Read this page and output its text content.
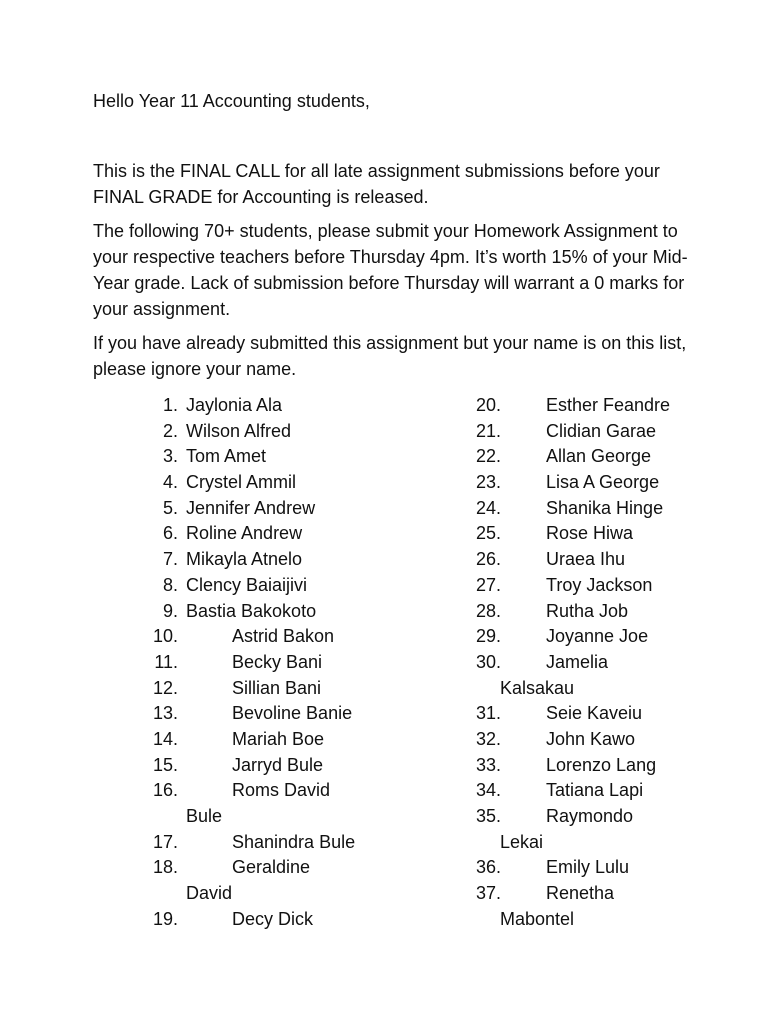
Hello Year 11 Accounting students,

This is the FINAL CALL for all late assignment submissions before your FINAL GRADE for Accounting is released.

The following 70+ students, please submit your Homework Assignment to your respective teachers before Thursday 4pm. It’s worth 15% of your Mid-Year grade. Lack of submission before Thursday will warrant a 0 marks for your assignment.

If you have already submitted this assignment but your name is on this list, please ignore your name.

1. Jaylonia Ala
2. Wilson Alfred
3. Tom Amet
4. Crystel Ammil
5. Jennifer Andrew
6. Roline Andrew
7. Mikayla Atnelo
8. Clency Baiaijivi
9. Bastia Bakokoto
10.	Astrid Bakon
11.	Becky Bani
12.	Sillian Bani
13.	Bevoline Banie
14.	Mariah Boe
15.	Jarryd Bule
16.	Roms David
Bule
17.	Shanindra Bule
18.	Geraldine
David
19.	Decy Dick
20. Esther Feandre
21. Clidian Garae
22. Allan George
23. Lisa A George
24. Shanika Hinge
25. Rose Hiwa
26. Uraea Ihu
27. Troy Jackson
28. Rutha Job
29. Joyanne Joe
30. Jamelia
Kalsakau
31. Seie Kaveiu
32. John Kawo
33. Lorenzo Lang
34. Tatiana Lapi
35. Raymondo
Lekai
36. Emily Lulu
37. Renetha
Mabontel
